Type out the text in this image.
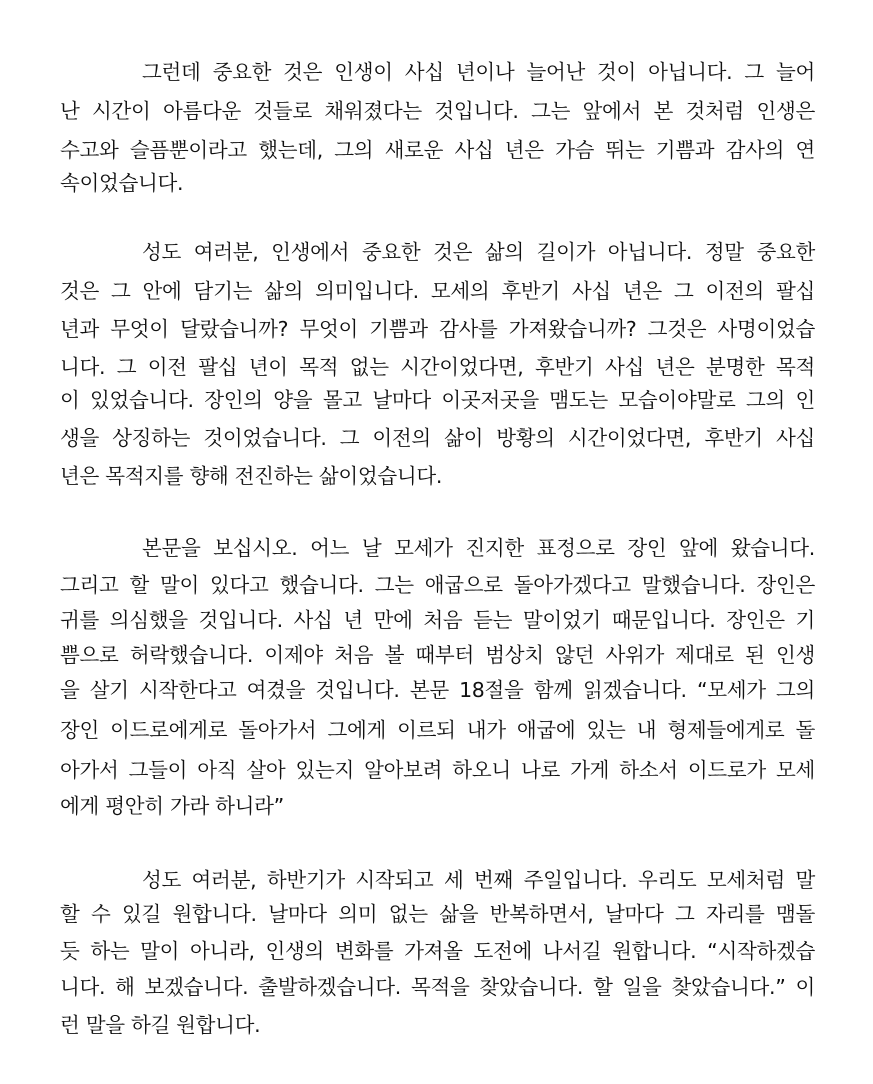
그런데 중요한 것은 인생이 사십 년이나 늘어난 것이 아닙니다. 그 늘어
난 시간이 아름다운 것들로 채워졌다는 것입니다. 그는 앞에서 본 것처럼 인생은
수고와 슬픔뿐이라고 했는데, 그의 새로운 사십 년은 가슴 뛰는 기쁨과 감사의 연
속이었습니다.
성도 여러분, 인생에서 중요한 것은 삶의 길이가 아닙니다. 정말 중요한
것은 그 안에 담기는 삶의 의미입니다. 모세의 후반기 사십 년은 그 이전의 팔십
년과 무엇이 달랐습니까? 무엇이 기쁨과 감사를 가져왔습니까? 그것은 사명이었습
니다. 그 이전 팔십 년이 목적 없는 시간이었다면, 후반기 사십 년은 분명한 목적
이 있었습니다. 장인의 양을 몰고 날마다 이곳저곳을 맴도는 모습이야말로 그의 인
생을 상징하는 것이었습니다. 그 이전의 삶이 방황의 시간이었다면, 후반기 사십
년은 목적지를 향해 전진하는 삶이었습니다.
본문을 보십시오. 어느 날 모세가 진지한 표정으로 장인 앞에 왔습니다.
그리고 할 말이 있다고 했습니다. 그는 애굽으로 돌아가겠다고 말했습니다. 장인은
귀를 의심했을 것입니다. 사십 년 만에 처음 듣는 말이었기 때문입니다. 장인은 기
쁨으로 허락했습니다. 이제야 처음 볼 때부터 범상치 않던 사위가 제대로 된 인생
을 살기 시작한다고 여겼을 것입니다. 본문 18절을 함께 읽겠습니다. “모세가 그의
장인 이드로에게로 돌아가서 그에게 이르되 내가 애굽에 있는 내 형제들에게로 돌
아가서 그들이 아직 살아 있는지 알아보려 하오니 나로 가게 하소서 이드로가 모세
에게 평안히 가라 하니라”
성도 여러분, 하반기가 시작되고 세 번째 주일입니다. 우리도 모세처럼 말
할 수 있길 원합니다. 날마다 의미 없는 삶을 반복하면서, 날마다 그 자리를 맴돌
듯 하는 말이 아니라, 인생의 변화를 가져올 도전에 나서길 원합니다. “시작하겠습
니다. 해 보겠습니다. 출발하겠습니다. 목적을 찾았습니다. 할 일을 찾았습니다.” 이
런 말을 하길 원합니다.
